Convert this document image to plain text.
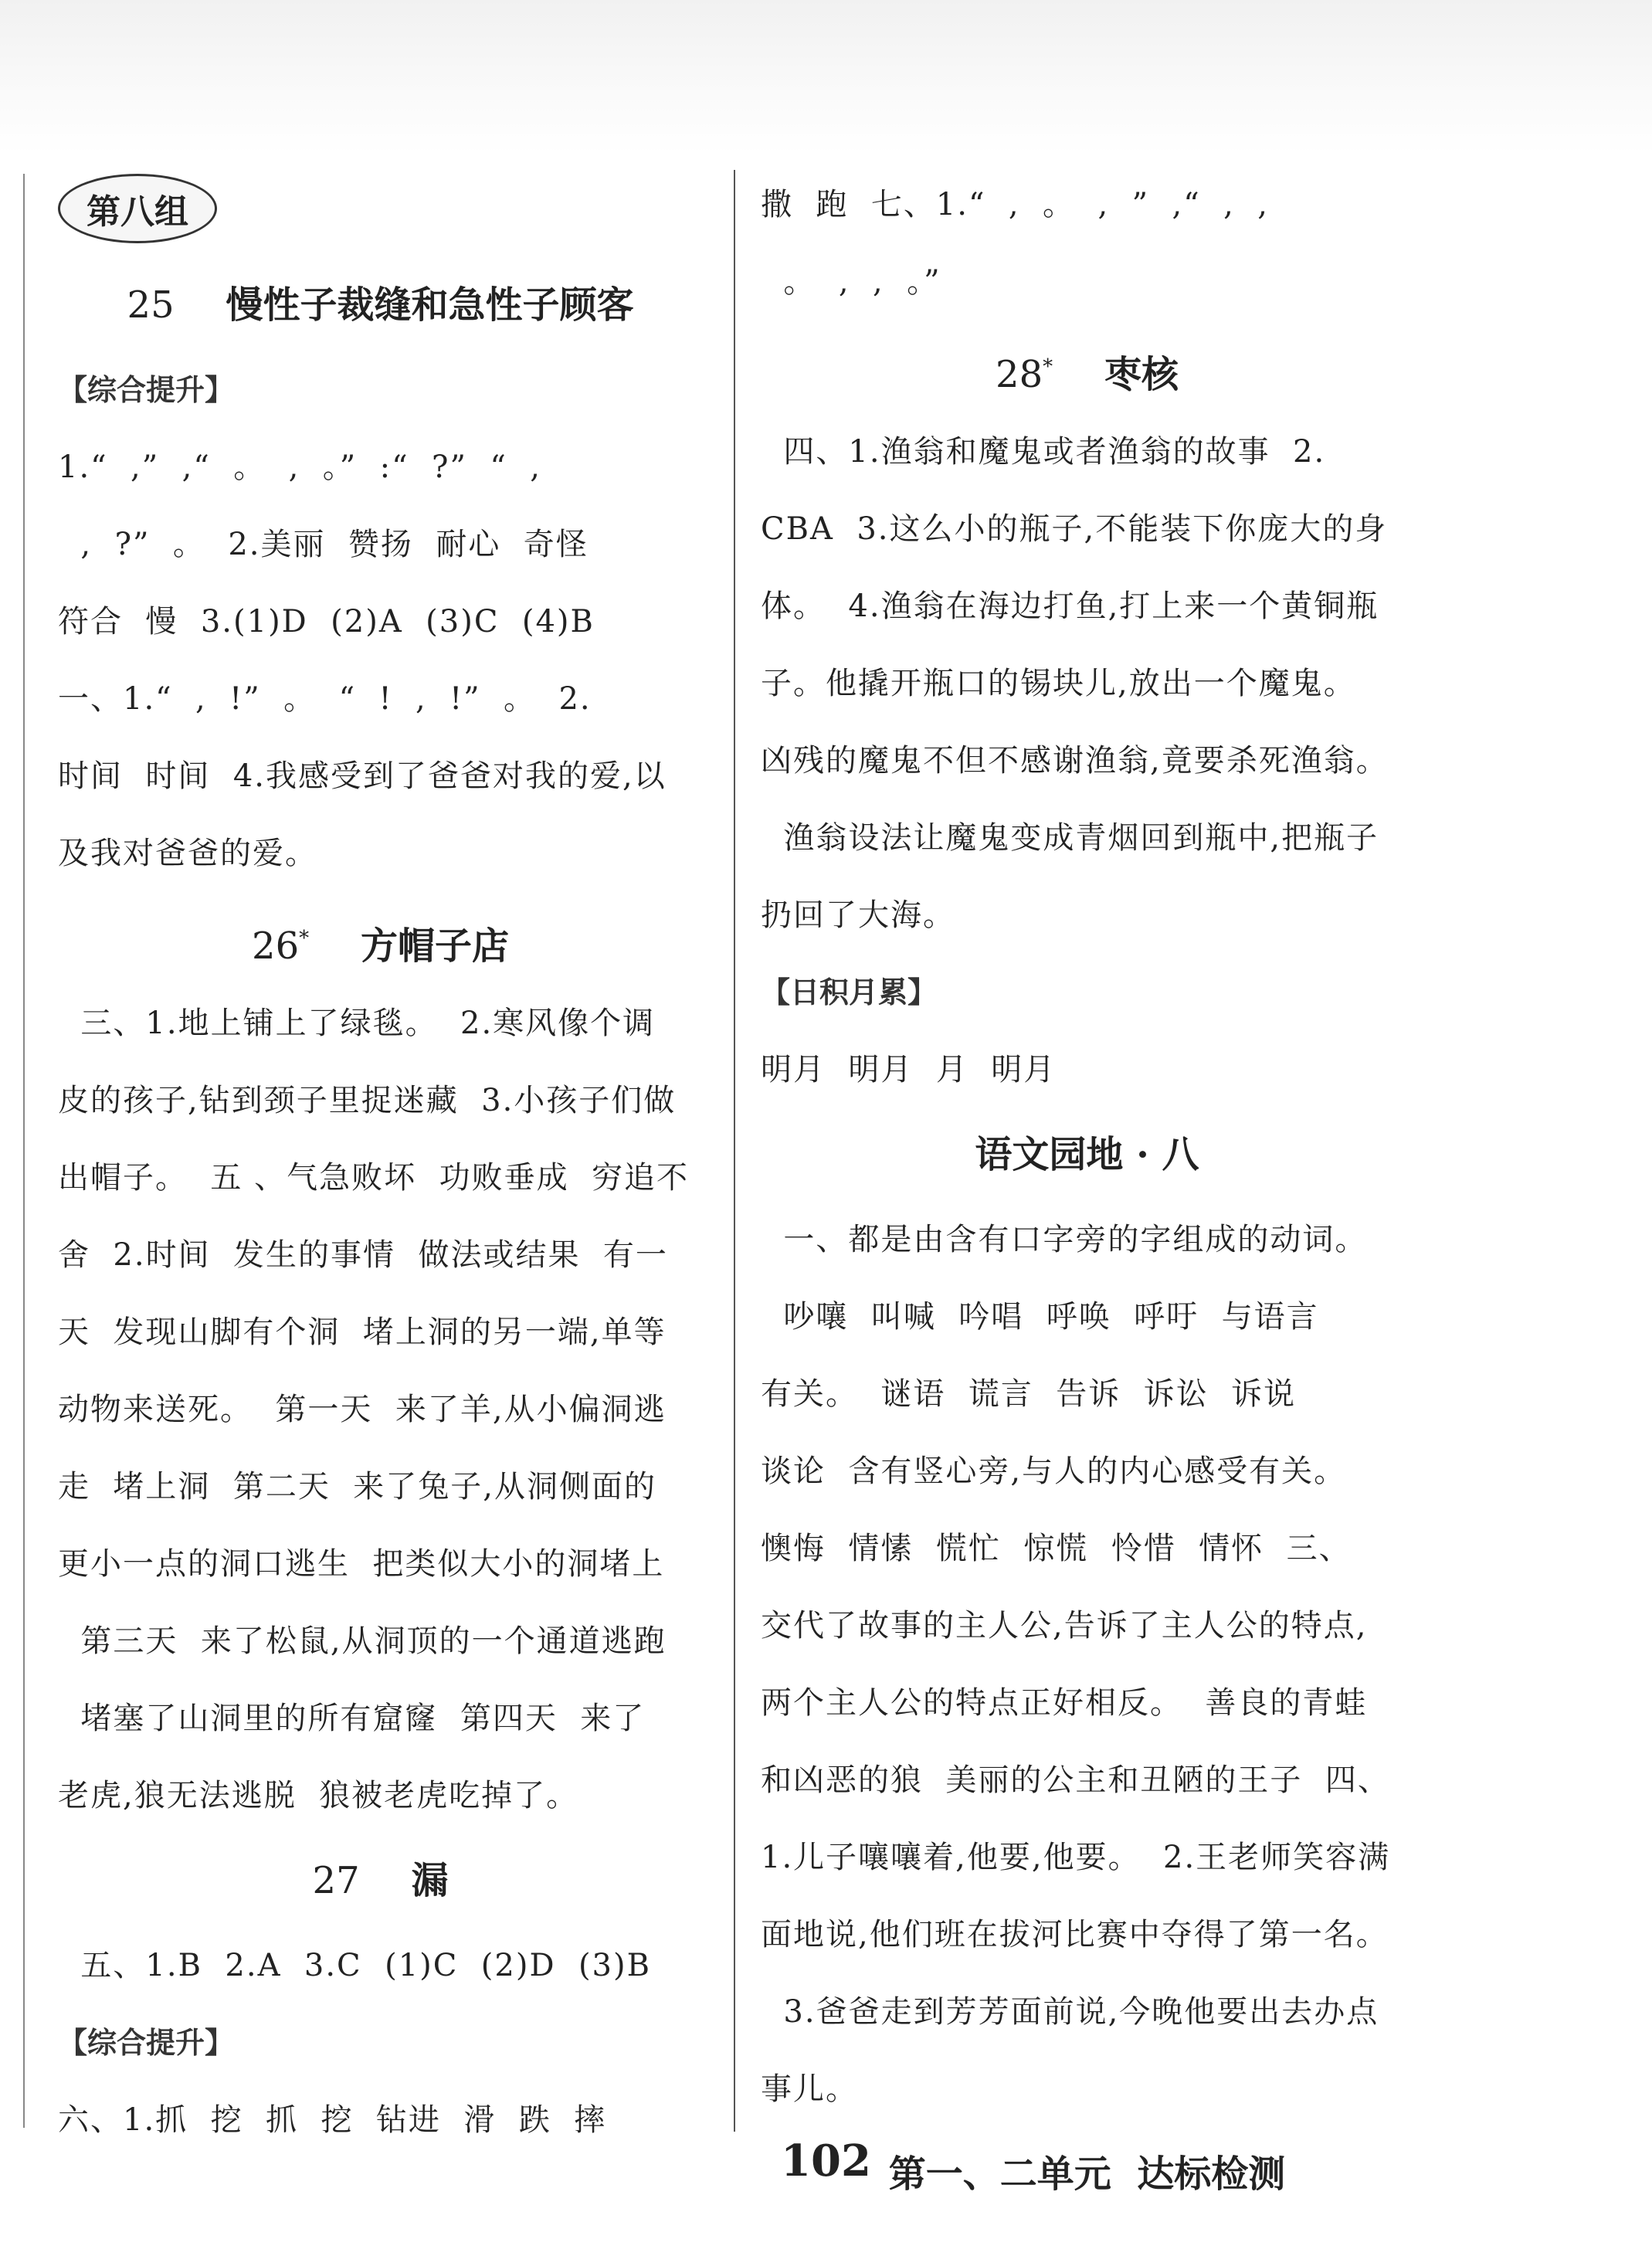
第八组
25 慢性子裁缝和急性子顾客
【综合提升】
1.“  ,”  ,“  。  ,  。”  :“  ?”  “  ,
,  ?”  。  2.美丽  赞扬  耐心  奇怪
符合  慢  3.(1)D  (2)A  (3)C  (4)B
一、1.“  ,  !”  。  “  !  ,  !”  。  2.
时间  时间  4.我感受到了爸爸对我的爱,以
及我对爸爸的爱。
26* 方帽子店
三、1.地上铺上了绿毯。  2.寒风像个调
皮的孩子,钻到颈子里捉迷藏  3.小孩子们做
出帽子。  五 、气急败坏  功败垂成  穷追不
舍  2.时间  发生的事情  做法或结果  有一
天  发现山脚有个洞  堵上洞的另一端,单等
动物来送死。  第一天  来了羊,从小偏洞逃
走  堵上洞  第二天  来了兔子,从洞侧面的
更小一点的洞口逃生  把类似大小的洞堵上
第三天  来了松鼠,从洞顶的一个通道逃跑
堵塞了山洞里的所有窟窿  第四天  来了
老虎,狼无法逃脱  狼被老虎吃掉了。
27 漏
五、1.B  2.A  3.C  (1)C  (2)D  (3)B
【综合提升】
六、1.抓  挖  抓  挖  钻进  滑  跌  摔
撒  跑  七、1.“  ,  。  ,  ”  ,“  ,  ,
。  ,  ,  。”
28* 枣核
四、1.渔翁和魔鬼或者渔翁的故事  2.
CBA  3.这么小的瓶子,不能装下你庞大的身
体。  4.渔翁在海边打鱼,打上来一个黄铜瓶
子。他撬开瓶口的锡块儿,放出一个魔鬼。
凶残的魔鬼不但不感谢渔翁,竟要杀死渔翁。
渔翁设法让魔鬼变成青烟回到瓶中,把瓶子
扔回了大海。
【日积月累】
明月  明月  月  明月
语文园地 · 八
一、都是由含有口字旁的字组成的动词。
吵嚷  叫喊  吟唱  呼唤  呼吁  与语言
有关。  谜语  谎言  告诉  诉讼  诉说
谈论  含有竖心旁,与人的内心感受有关。
懊悔  情愫  慌忙  惊慌  怜惜  情怀  三、
交代了故事的主人公,告诉了主人公的特点,
两个主人公的特点正好相反。  善良的青蛙
和凶恶的狼  美丽的公主和丑陋的王子  四、
1.儿子嚷嚷着,他要,他要。  2.王老师笑容满
面地说,他们班在拔河比赛中夺得了第一名。
3.爸爸走到芳芳面前说,今晚他要出去办点
事儿。
第一、二单元  达标检测
102
